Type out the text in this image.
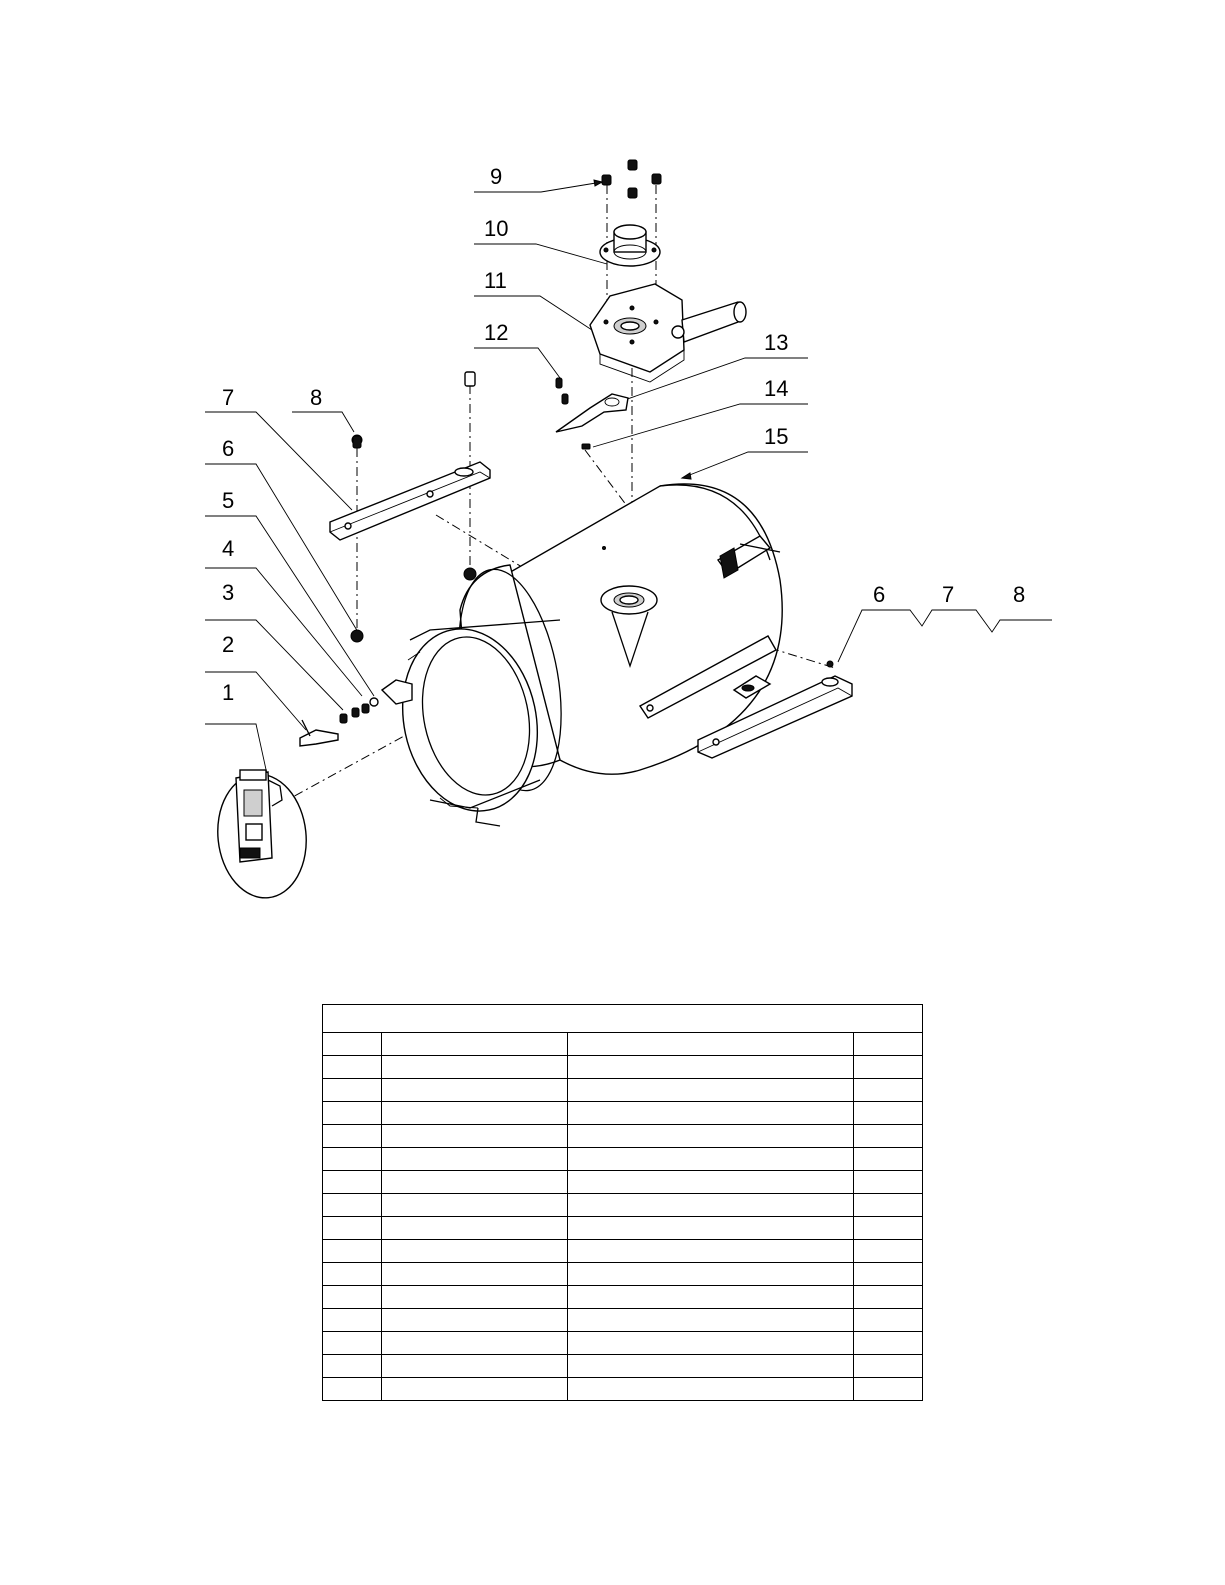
1
2
3
4
5
6
7	8
9
10
11
12	13
14
15
6	7	8
